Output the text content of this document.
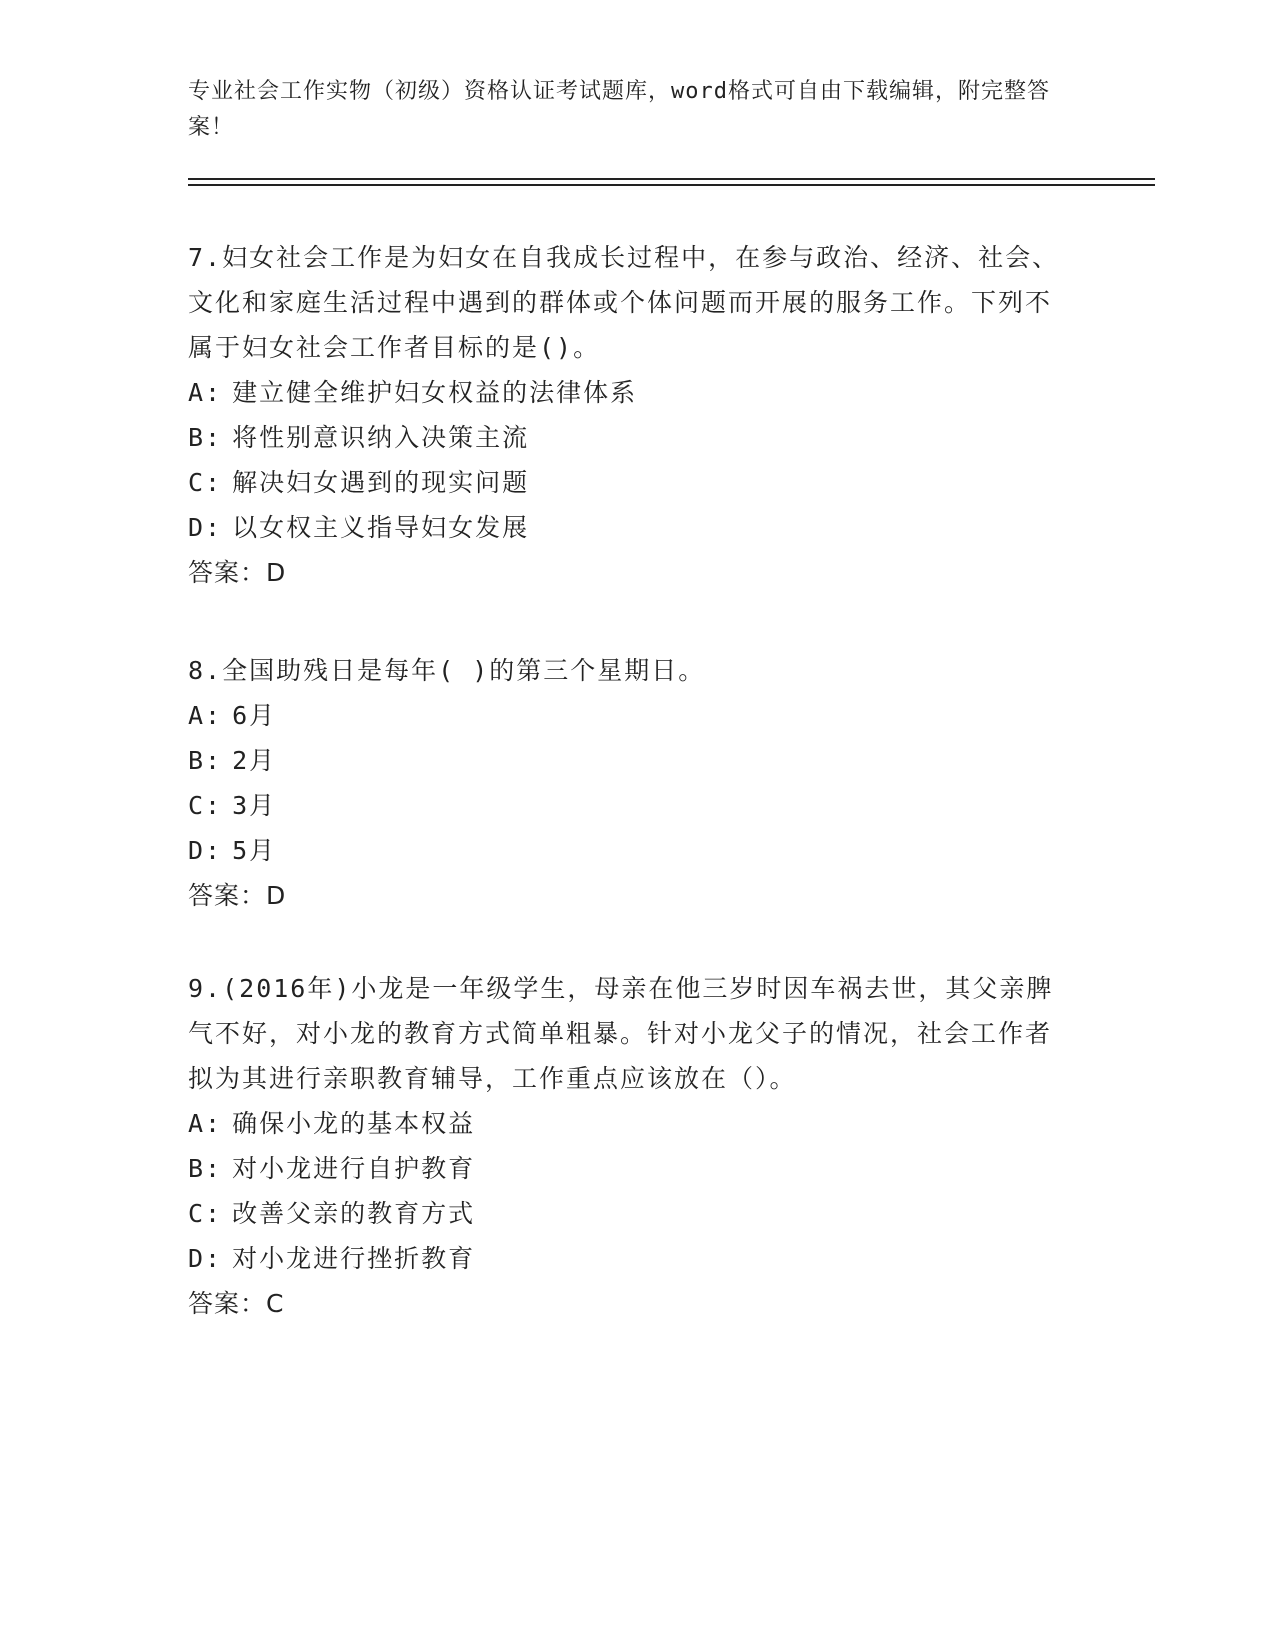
专业社会工作实物（初级）资格认证考试题库，word格式可自由下载编辑，附完整答案！

7.妇女社会工作是为妇女在自我成长过程中，在参与政治、经济、社会、文化和家庭生活过程中遇到的群体或个体问题而开展的服务工作。下列不属于妇女社会工作者目标的是()。

A: 建立健全维护妇女权益的法律体系

B: 将性别意识纳入决策主流

C: 解决妇女遇到的现实问题

D: 以女权主义指导妇女发展

答案：D

8.全国助残日是每年( )的第三个星期日。

A: 6月

B: 2月

C: 3月

D: 5月

答案：D

9.(2016年)小龙是一年级学生，母亲在他三岁时因车祸去世，其父亲脾气不好，对小龙的教育方式简单粗暴。针对小龙父子的情况，社会工作者拟为其进行亲职教育辅导，工作重点应该放在（）。

A: 确保小龙的基本权益

B: 对小龙进行自护教育

C: 改善父亲的教育方式

D: 对小龙进行挫折教育

答案：C
